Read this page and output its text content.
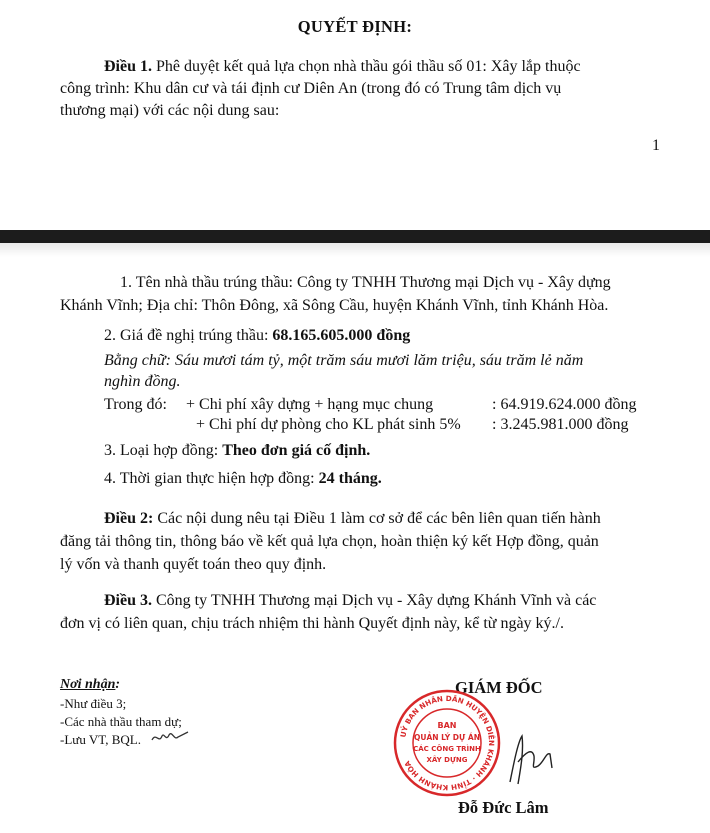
QUYẾT ĐỊNH:
Điều 1. Phê duyệt kết quả lựa chọn nhà thầu gói thầu số 01: Xây lắp thuộc
công trình: Khu dân cư và tái định cư Diên An (trong đó có Trung tâm dịch vụ
thương mại) với các nội dung sau:
1
1. Tên nhà thầu trúng thầu: Công ty TNHH Thương mại Dịch vụ - Xây dựng
Khánh Vĩnh; Địa chỉ: Thôn Đông, xã Sông Cầu, huyện Khánh Vĩnh, tỉnh Khánh Hòa.
2. Giá đề nghị trúng thầu: 68.165.605.000 đồng
Bằng chữ: Sáu mươi tám tỷ, một trăm sáu mươi lăm triệu, sáu trăm lẻ năm
nghìn đồng.
Trong đó: + Chi phí xây dựng + hạng mục chung	: 64.919.624.000 đồng
+ Chi phí dự phòng cho KL phát sinh 5% : 3.245.981.000 đồng
3. Loại hợp đồng: Theo đơn giá cố định.
4. Thời gian thực hiện hợp đồng: 24 tháng.
Điều 2: Các nội dung nêu tại Điều 1 làm cơ sở để các bên liên quan tiến hành
đăng tải thông tin, thông báo về kết quả lựa chọn, hoàn thiện ký kết Hợp đồng, quản
lý vốn và thanh quyết toán theo quy định.
Điều 3. Công ty TNHH Thương mại Dịch vụ - Xây dựng Khánh Vĩnh và các
đơn vị có liên quan, chịu trách nhiệm thi hành Quyết định này, kể từ ngày ký./.
Nơi nhận:
-Như điều 3;
-Các nhà thầu tham dự;
-Lưu VT, BQL.
GIÁM ĐỐC
UỶ BAN NHÂN DÂN HUYỆN DIÊN KHÁNH · TỈNH KHÁNH HÒA
BAN
QUẢN LÝ DỰ ÁN
CÁC CÔNG TRÌNH
XÂY DỰNG
Đỗ Đức Lâm
